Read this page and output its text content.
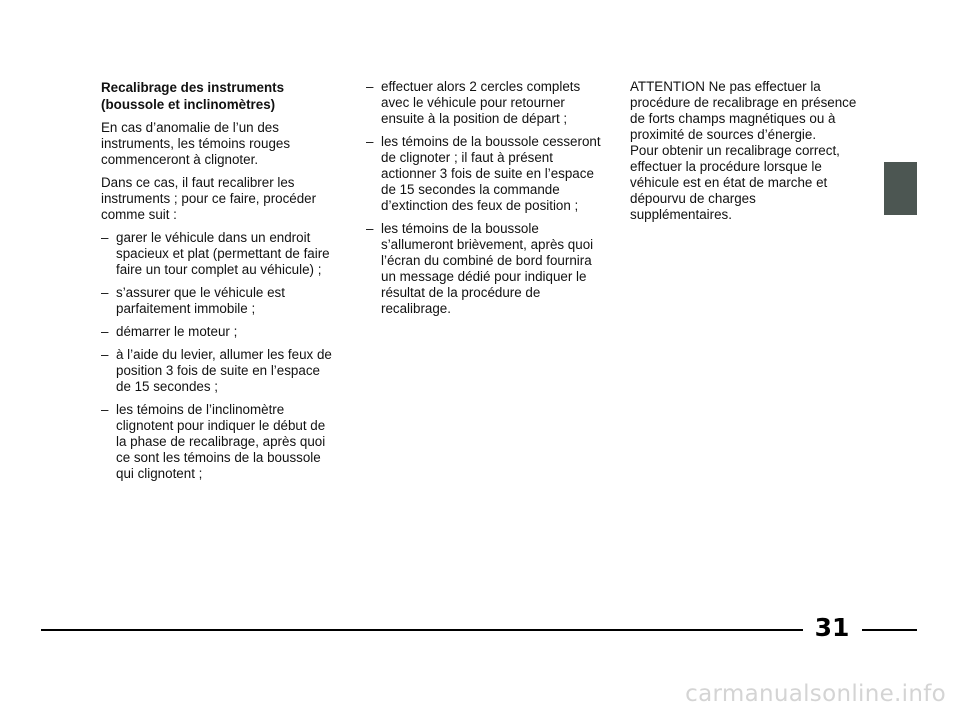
Recalibrage des instruments (boussole et inclinomètres)

En cas d’anomalie de l’un des instruments, les témoins rouges commenceront à clignoter.

Dans ce cas, il faut recalibrer les instruments ; pour ce faire, procéder comme suit :

– garer le véhicule dans un endroit spacieux et plat (permettant de faire faire un tour complet au véhicule) ;
– s’assurer que le véhicule est parfaitement immobile ;
– démarrer le moteur ;
– à l’aide du levier, allumer les feux de position 3 fois de suite en l’espace de 15 secondes ;
– les témoins de l’inclinomètre clignotent pour indiquer le début de la phase de recalibrage, après quoi ce sont les témoins de la boussole qui clignotent ;
– effectuer alors 2 cercles complets avec le véhicule pour retourner ensuite à la position de départ ;
– les témoins de la boussole cesseront de clignoter ; il faut à présent actionner 3 fois de suite en l’espace de 15 secondes la commande d’extinction des feux de position ;
– les témoins de la boussole s’allumeront brièvement, après quoi l’écran du combiné de bord fournira un message dédié pour indiquer le résultat de la procédure de recalibrage.
ATTENTION Ne pas effectuer la procédure de recalibrage en présence de forts champs magnétiques ou à proximité de sources d’énergie.
Pour obtenir un recalibrage correct, effectuer la procédure lorsque le véhicule est en état de marche et dépourvu de charges supplémentaires.
31
carmanualsonline.info
